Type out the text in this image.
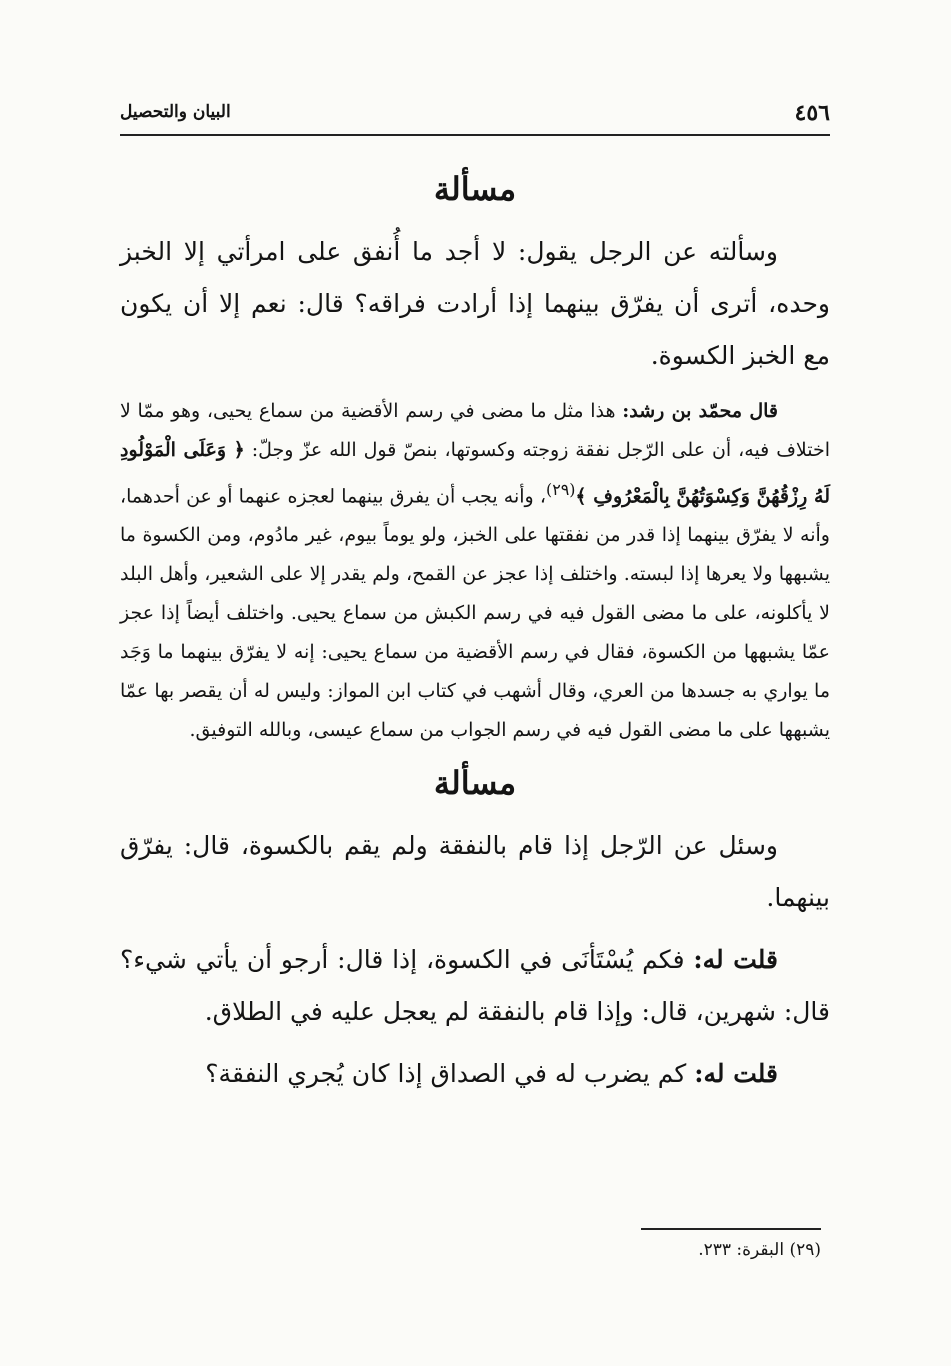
٤٥٦
البيان والتحصيل
مسألة

وسألته عن الرجل يقول: لا أجد ما أُنفق على امرأتي إلا الخبز وحده، أترى أن يفرّق بينهما إذا أرادت فراقه؟ قال: نعم إلا أن يكون مع الخبز الكسوة.

قال محمّد بن رشد: هذا مثل ما مضى في رسم الأقضية من سماع يحيى، وهو ممّا لا اختلاف فيه، أن على الرّجل نفقة زوجته وكسوتها، بنصّ قول الله عزّ وجلّ: ﴿ وَعَلَى الْمَوْلُودِ لَهُ رِزْقُهُنَّ وَكِسْوَتُهُنَّ بِالْمَعْرُوفِ ﴾$^{(٢٩)}$، وأنه يجب أن يفرق بينهما لعجزه عنهما أو عن أحدهما، وأنه لا يفرّق بينهما إذا قدر من نفقتها على الخبز، ولو يوماً بيوم، غير مادُوم، ومن الكسوة ما يشبهها ولا يعرها إذا لبسته. واختلف إذا عجز عن القمح، ولم يقدر إلا على الشعير، وأهل البلد لا يأكلونه، على ما مضى القول فيه في رسم الكبش من سماع يحيى. واختلف أيضاً إذا عجز عمّا يشبهها من الكسوة، فقال في رسم الأقضية من سماع يحيى: إنه لا يفرّق بينهما ما وَجَد ما يواري به جسدها من العري، وقال أشهب في كتاب ابن المواز: وليس له أن يقصر بها عمّا يشبهها على ما مضى القول فيه في رسم الجواب من سماع عيسى، وبالله التوفيق.

مسألة

وسئل عن الرّجل إذا قام بالنفقة ولم يقم بالكسوة، قال: يفرّق بينهما.

قلت له: فكم يُسْتَأنَى في الكسوة، إذا قال: أرجو أن يأتي شيء؟ قال: شهرين، قال: وإذا قام بالنفقة لم يعجل عليه في الطلاق.

قلت له: كم يضرب له في الصداق إذا كان يُجري النفقة؟

(٢٩) البقرة: ٢٣٣.
